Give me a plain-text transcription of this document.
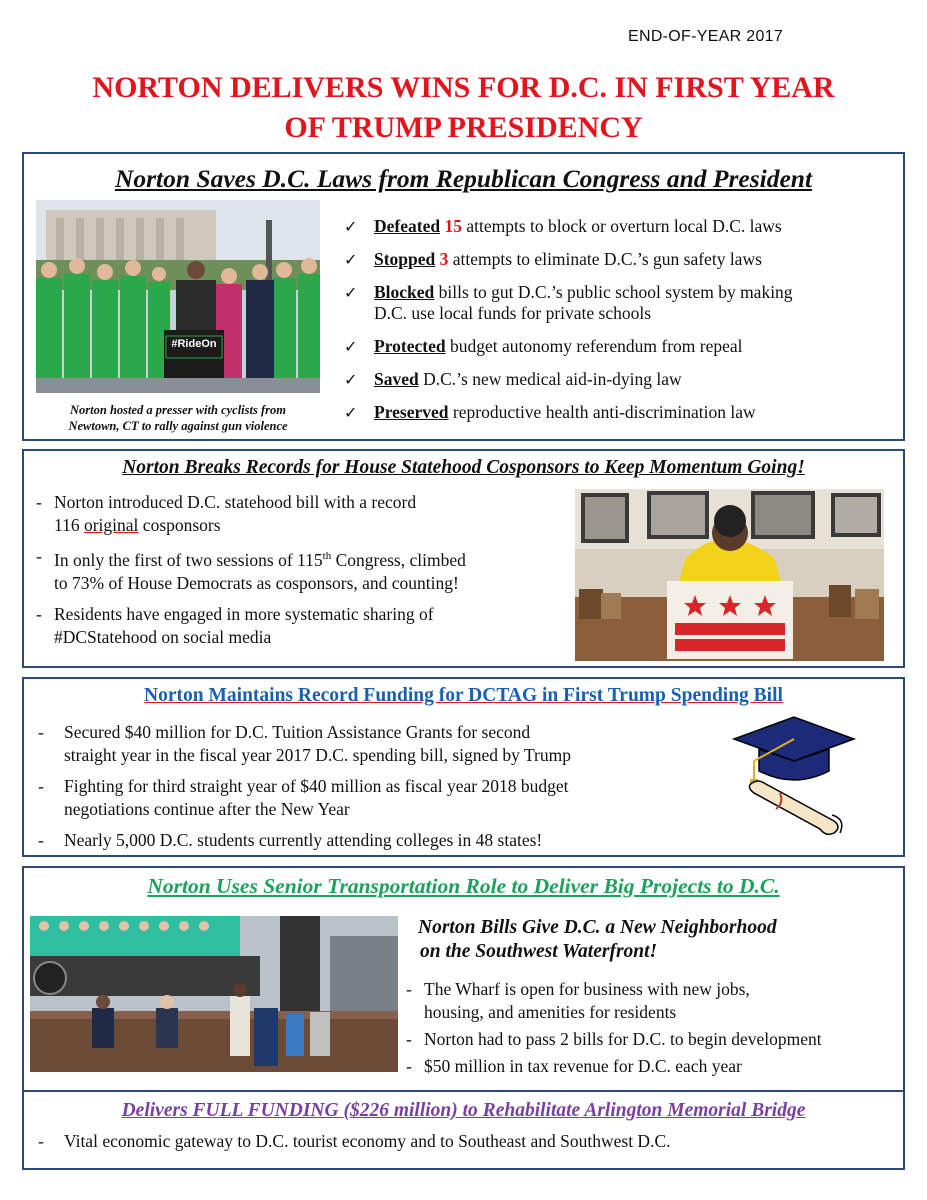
END-OF-YEAR 2017
NORTON DELIVERS WINS FOR D.C. IN FIRST YEAR
OF TRUMP PRESIDENCY
Norton Saves D.C. Laws from Republican Congress and President
#RideOn
Norton hosted a presser with cyclists from
Newtown, CT to rally against gun violence
✓ Defeated 15 attempts to block or overturn local D.C. laws
✓ Stopped 3 attempts to eliminate D.C.’s gun safety laws
✓ Blocked bills to gut D.C.’s public school system by making
D.C. use local funds for private schools
✓ Protected budget autonomy referendum from repeal
✓ Saved D.C.’s new medical aid-in-dying law
✓ Preserved reproductive health anti-discrimination law
Norton Breaks Records for House Statehood Cosponsors to Keep Momentum Going!
- Norton introduced D.C. statehood bill with a record
116 original cosponsors
- In only the first of two sessions of 115th Congress, climbed
to 73% of House Democrats as cosponsors, and counting!
- Residents have engaged in more systematic sharing of
#DCStatehood on social media
Norton Maintains Record Funding for DCTAG in First Trump Spending Bill
- Secured $40 million for D.C. Tuition Assistance Grants for second
straight year in the fiscal year 2017 D.C. spending bill, signed by Trump
- Fighting for third straight year of $40 million as fiscal year 2018 budget
negotiations continue after the New Year
- Nearly 5,000 D.C. students currently attending colleges in 48 states!
Norton Uses Senior Transportation Role to Deliver Big Projects to D.C.
Norton Bills Give D.C. a New Neighborhood
on the Southwest Waterfront!
- The Wharf is open for business with new jobs,
housing, and amenities for residents
- Norton had to pass 2 bills for D.C. to begin development
- $50 million in tax revenue for D.C. each year
Delivers FULL FUNDING ($226 million) to Rehabilitate Arlington Memorial Bridge
- Vital economic gateway to D.C. tourist economy and to Southeast and Southwest D.C.
